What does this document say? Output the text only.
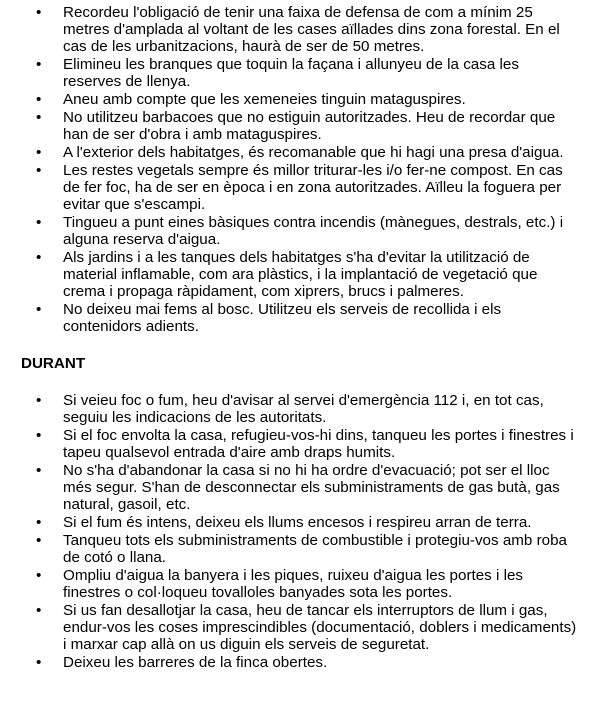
• Recordeu l'obligació de tenir una faixa de defensa de com a mínim 25 metres d'amplada al voltant de les cases aïllades dins zona forestal. En el cas de les urbanitzacions, haurà de ser de 50 metres.
• Elimineu les branques que toquin la façana i allunyeu de la casa les reserves de llenya.
• Aneu amb compte que les xemeneies tinguin mataguspires.
• No utilitzeu barbacoes que no estiguin autoritzades. Heu de recordar que han de ser d'obra i amb mataguspires.
• A l'exterior dels habitatges, és recomanable que hi hagi una presa d'aigua.
• Les restes vegetals sempre és millor triturar-les i/o fer-ne compost. En cas de fer foc, ha de ser en època i en zona autoritzades. Aïlleu la foguera per evitar que s'escampi.
• Tingueu a punt eines bàsiques contra incendis (mànegues, destrals, etc.) i alguna reserva d'aigua.
• Als jardins i a les tanques dels habitatges s'ha d'evitar la utilització de material inflamable, com ara plàstics, i la implantació de vegetació que crema i propaga ràpidament, com xiprers, brucs i palmeres.
• No deixeu mai fems al bosc. Utilitzeu els serveis de recollida i els contenidors adients.
DURANT
• Si veieu foc o fum, heu d'avisar al servei d'emergència 112 i, en tot cas, seguiu les indicacions de les autoritats.
• Si el foc envolta la casa, refugieu-vos-hi dins, tanqueu les portes i finestres i tapeu qualsevol entrada d'aire amb draps humits.
• No s'ha d'abandonar la casa si no hi ha ordre d'evacuació; pot ser el lloc més segur. S'han de desconnectar els subministraments de gas butà, gas natural, gasoil, etc.
• Si el fum és intens, deixeu els llums encesos i respireu arran de terra.
• Tanqueu tots els subministraments de combustible i protegiu-vos amb roba de cotó o llana.
• Ompliu d'aigua la banyera i les piques, ruixeu d'aigua les portes i les finestres o col·loqueu tovalloles banyades sota les portes.
• Si us fan desallotjar la casa, heu de tancar els interruptors de llum i gas, endur-vos les coses imprescindibles (documentació, doblers i medicaments) i marxar cap allà on us diguin els serveis de seguretat.
• Deixeu les barreres de la finca obertes.
